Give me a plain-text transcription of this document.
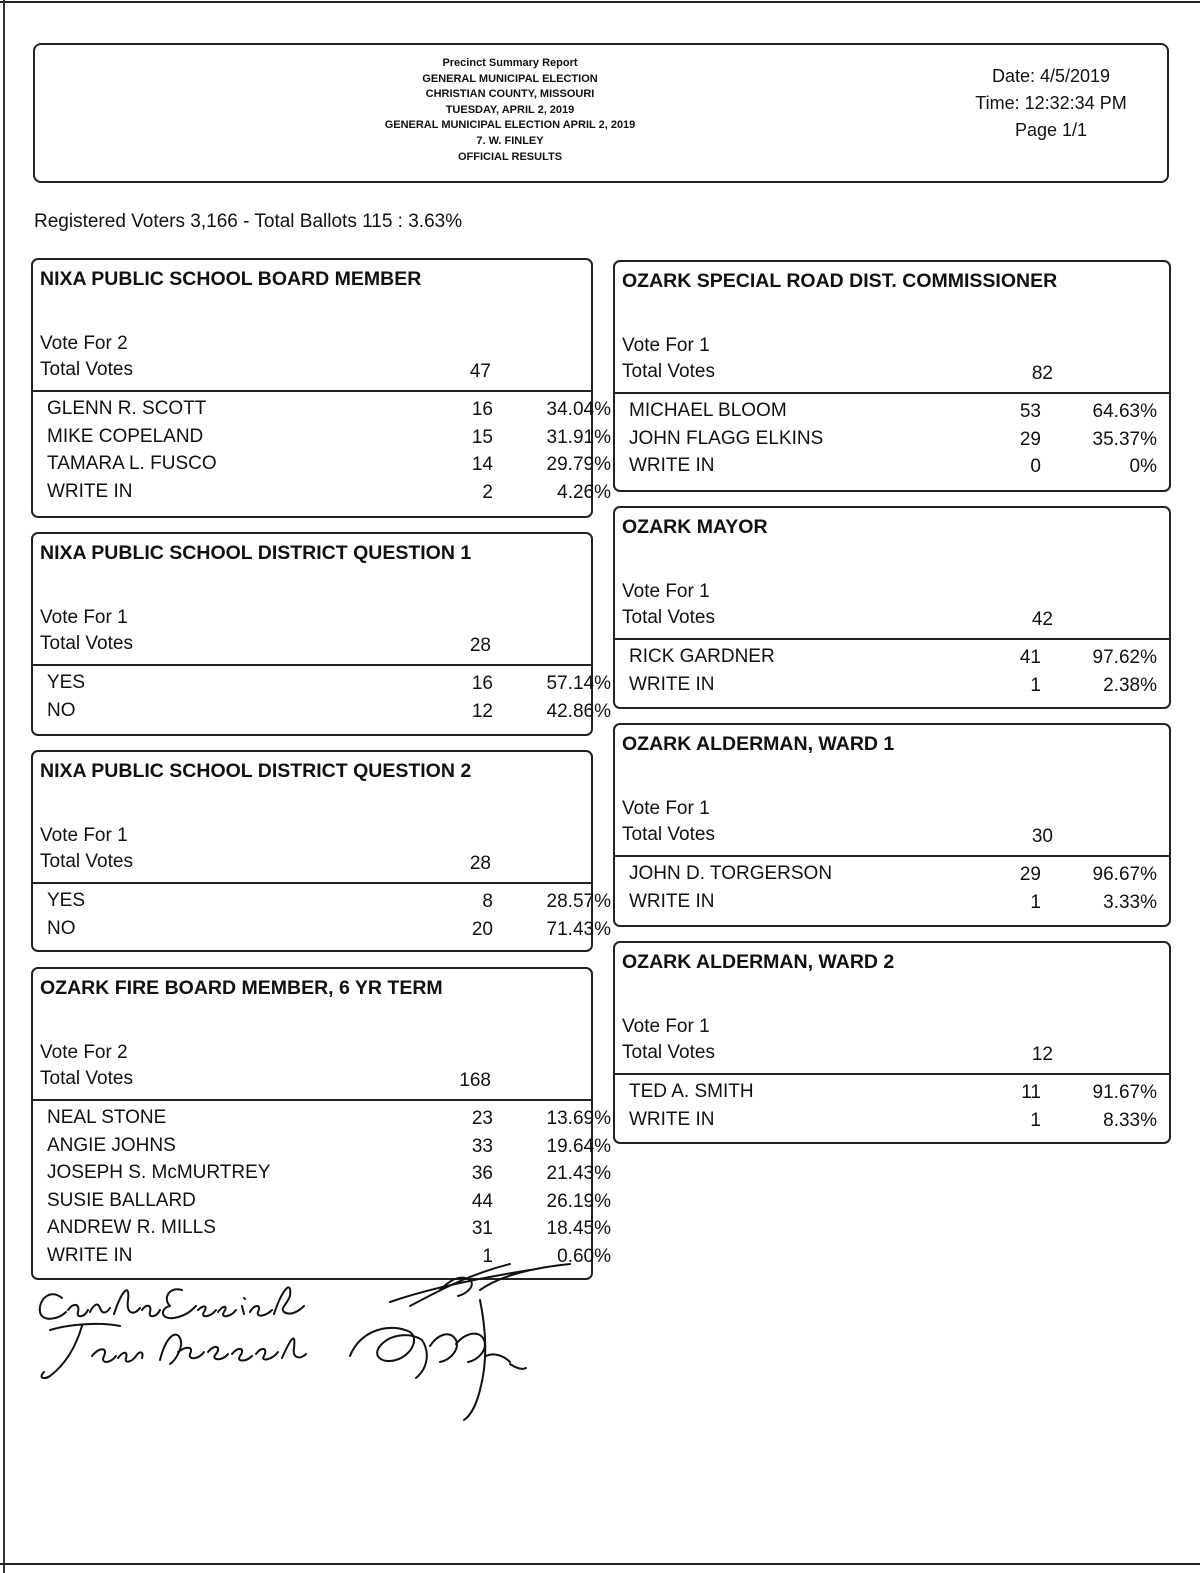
Precinct Summary Report
GENERAL MUNICIPAL ELECTION
CHRISTIAN COUNTY, MISSOURI
TUESDAY, APRIL 2, 2019
GENERAL MUNICIPAL ELECTION APRIL 2, 2019
7. W. FINLEY
OFFICIAL RESULTS
Date: 4/5/2019
Time: 12:32:34 PM
Page 1/1
Registered Voters 3,166 - Total Ballots 115 : 3.63%
NIXA PUBLIC SCHOOL BOARD MEMBER
Vote For 2
Total Votes	47
GLENN R. SCOTT	16	34.04%
MIKE COPELAND	15	31.91%
TAMARA L. FUSCO	14	29.79%
WRITE IN	2	4.26%
NIXA PUBLIC SCHOOL DISTRICT QUESTION 1
Vote For 1
Total Votes	28
YES	16	57.14%
NO	12	42.86%
NIXA PUBLIC SCHOOL DISTRICT QUESTION 2
Vote For 1
Total Votes	28
YES	8	28.57%
NO	20	71.43%
OZARK FIRE BOARD MEMBER, 6 YR TERM
Vote For 2
Total Votes	168
NEAL STONE	23	13.69%
ANGIE JOHNS	33	19.64%
JOSEPH S. McMURTREY	36	21.43%
SUSIE BALLARD	44	26.19%
ANDREW R. MILLS	31	18.45%
WRITE IN	1	0.60%
OZARK SPECIAL ROAD DIST. COMMISSIONER
Vote For 1
Total Votes	82
MICHAEL BLOOM	53	64.63%
JOHN FLAGG ELKINS	29	35.37%
WRITE IN	0	0%
OZARK MAYOR
Vote For 1
Total Votes	42
RICK GARDNER	41	97.62%
WRITE IN	1	2.38%
OZARK ALDERMAN, WARD 1
Vote For 1
Total Votes	30
JOHN D. TORGERSON	29	96.67%
WRITE IN	1	3.33%
OZARK ALDERMAN, WARD 2
Vote For 1
Total Votes	12
TED A. SMITH	11	91.67%
WRITE IN	1	8.33%
